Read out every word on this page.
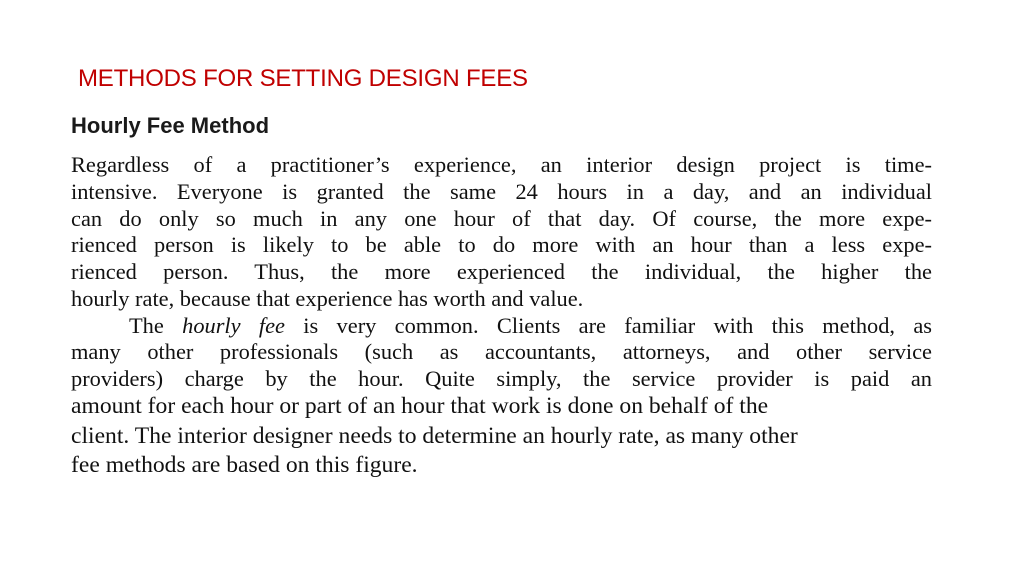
METHODS FOR SETTING DESIGN FEES
Hourly Fee Method
Regardless of a practitioner’s experience, an interior design project is time-
intensive. Everyone is granted the same 24 hours in a day, and an individual
can do only so much in any one hour of that day. Of course, the more expe-
rienced person is likely to be able to do more with an hour than a less expe-
rienced person. Thus, the more experienced the individual, the higher the
hourly rate, because that experience has worth and value.
The hourly fee is very common. Clients are familiar with this method, as
many other professionals (such as accountants, attorneys, and other service
providers) charge by the hour. Quite simply, the service provider is paid an
amount for each hour or part of an hour that work is done on behalf of the
client. The interior designer needs to determine an hourly rate, as many other
fee methods are based on this figure.
